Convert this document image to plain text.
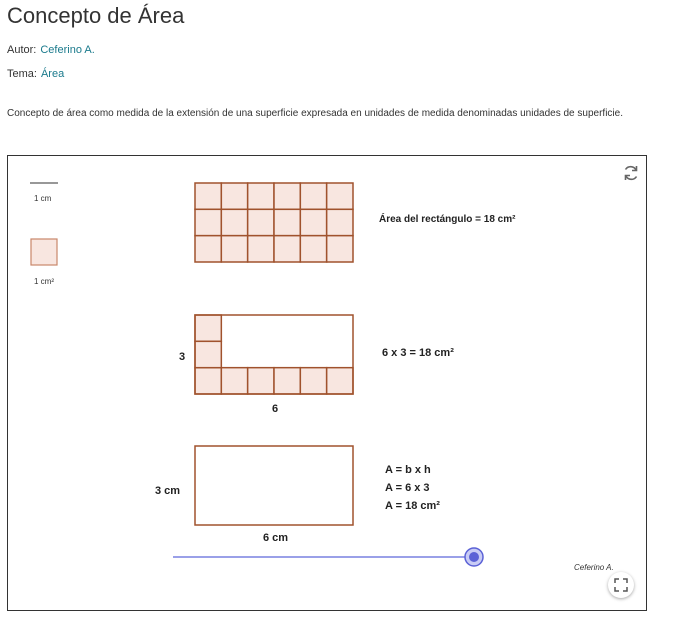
Concepto de Área
Autor: Ceferino A.
Tema: Área
Concepto de área como medida de la extensión de una superficie expresada en unidades de medida denominadas unidades de superficie.
1 cm
1 cm²
Área del rectángulo = 18 cm²
3
6
6 x 3 = 18 cm²
3 cm
6 cm
A = b x h
A = 6 x 3
A = 18 cm²
Ceferino A.
